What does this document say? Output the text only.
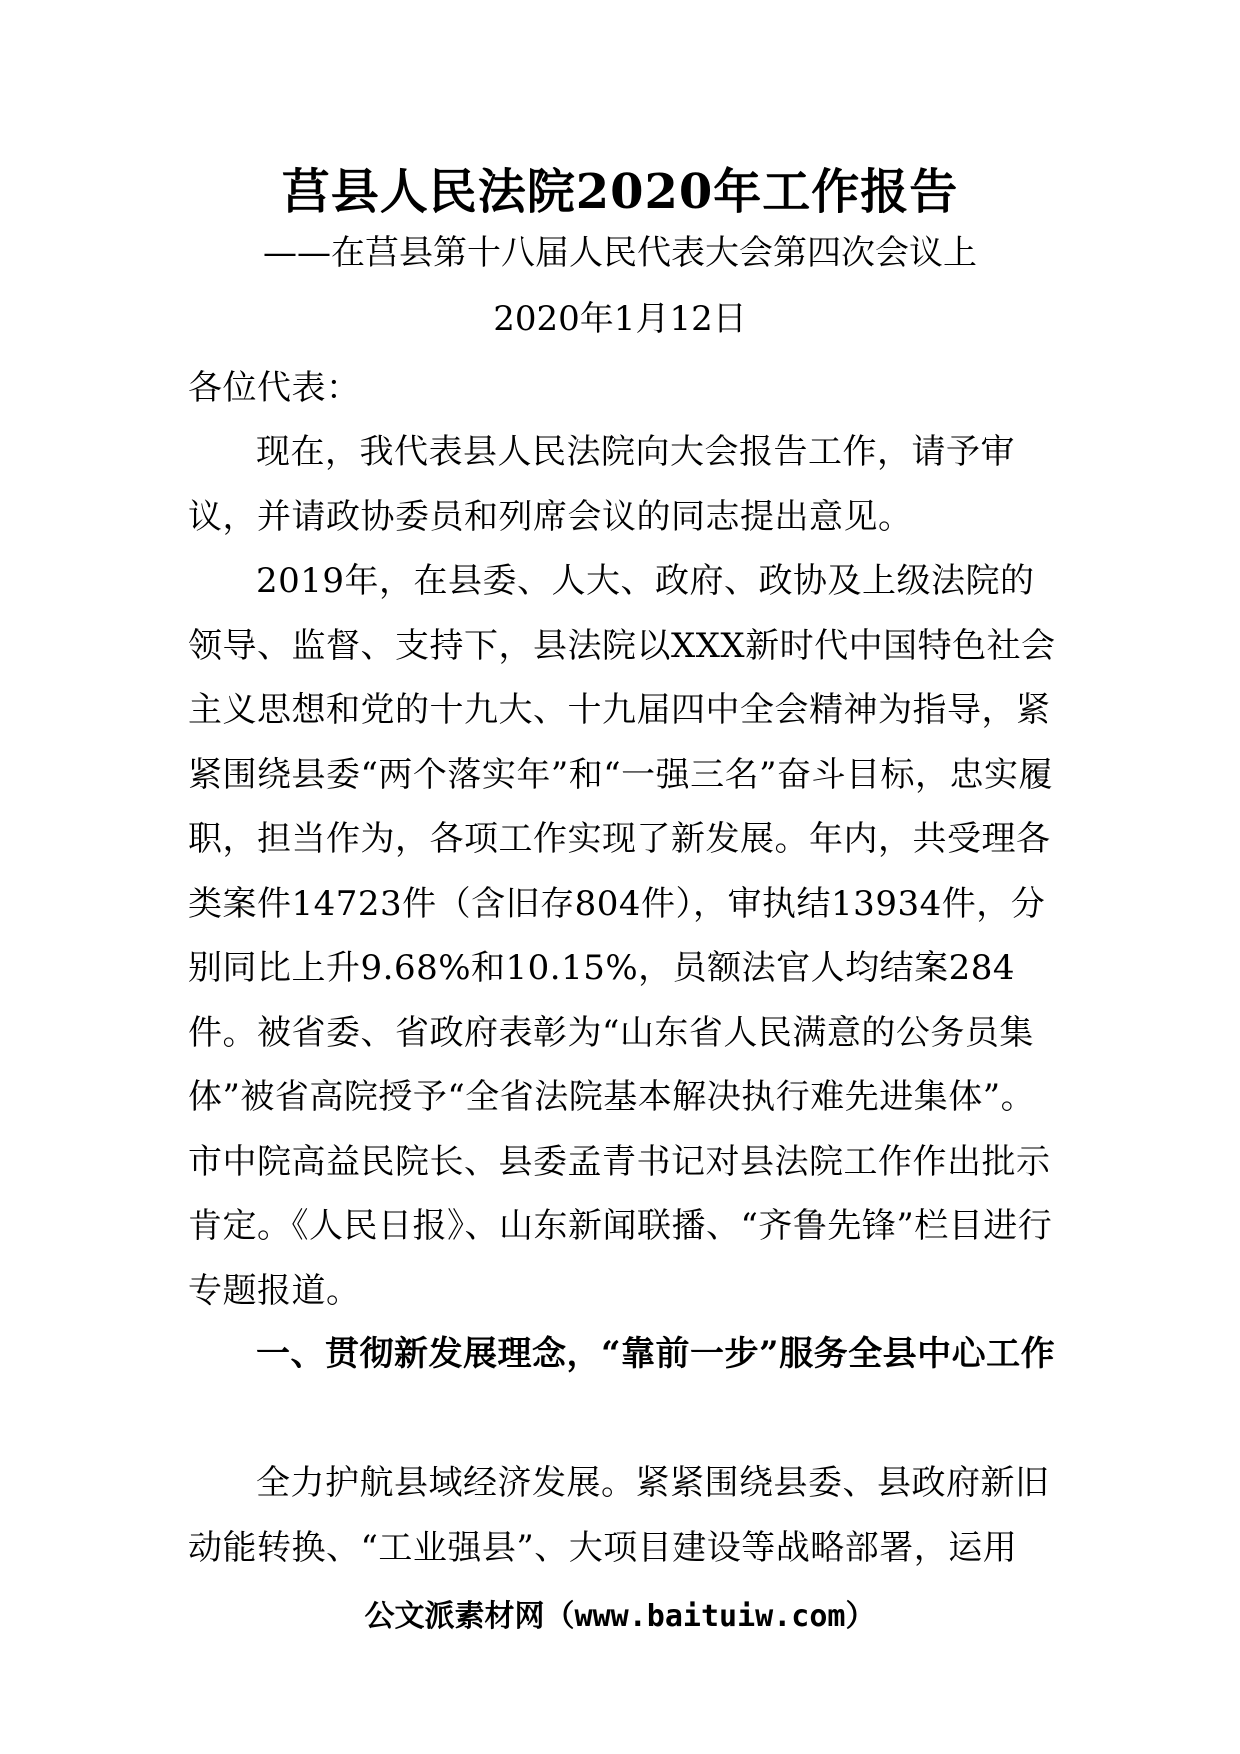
莒县人民法院2020年工作报告
——在莒县第十八届人民代表大会第四次会议上
2020年1月12日
各位代表：
现在，我代表县人民法院向大会报告工作，请予审议，并请政协委员和列席会议的同志提出意见。
2019年，在县委、人大、政府、政协及上级法院的领导、监督、支持下，县法院以XXX新时代中国特色社会主义思想和党的十九大、十九届四中全会精神为指导，紧紧围绕县委“两个落实年”和“一强三名”奋斗目标，忠实履职，担当作为，各项工作实现了新发展。年内，共受理各类案件14723件（含旧存804件），审执结13934件，分别同比上升9.68%和10.15%，员额法官人均结案284件。被省委、省政府表彰为“山东省人民满意的公务员集体”被省高院授予“全省法院基本解决执行难先进集体”。市中院高益民院长、县委孟青书记对县法院工作作出批示肯定。《人民日报》、山东新闻联播、“齐鲁先锋”栏目进行专题报道。
一、贯彻新发展理念，“靠前一步”服务全县中心工作
全力护航县域经济发展。紧紧围绕县委、县政府新旧动能转换、“工业强县”、大项目建设等战略部署，运用
公文派素材网（www.baituiw.com）
